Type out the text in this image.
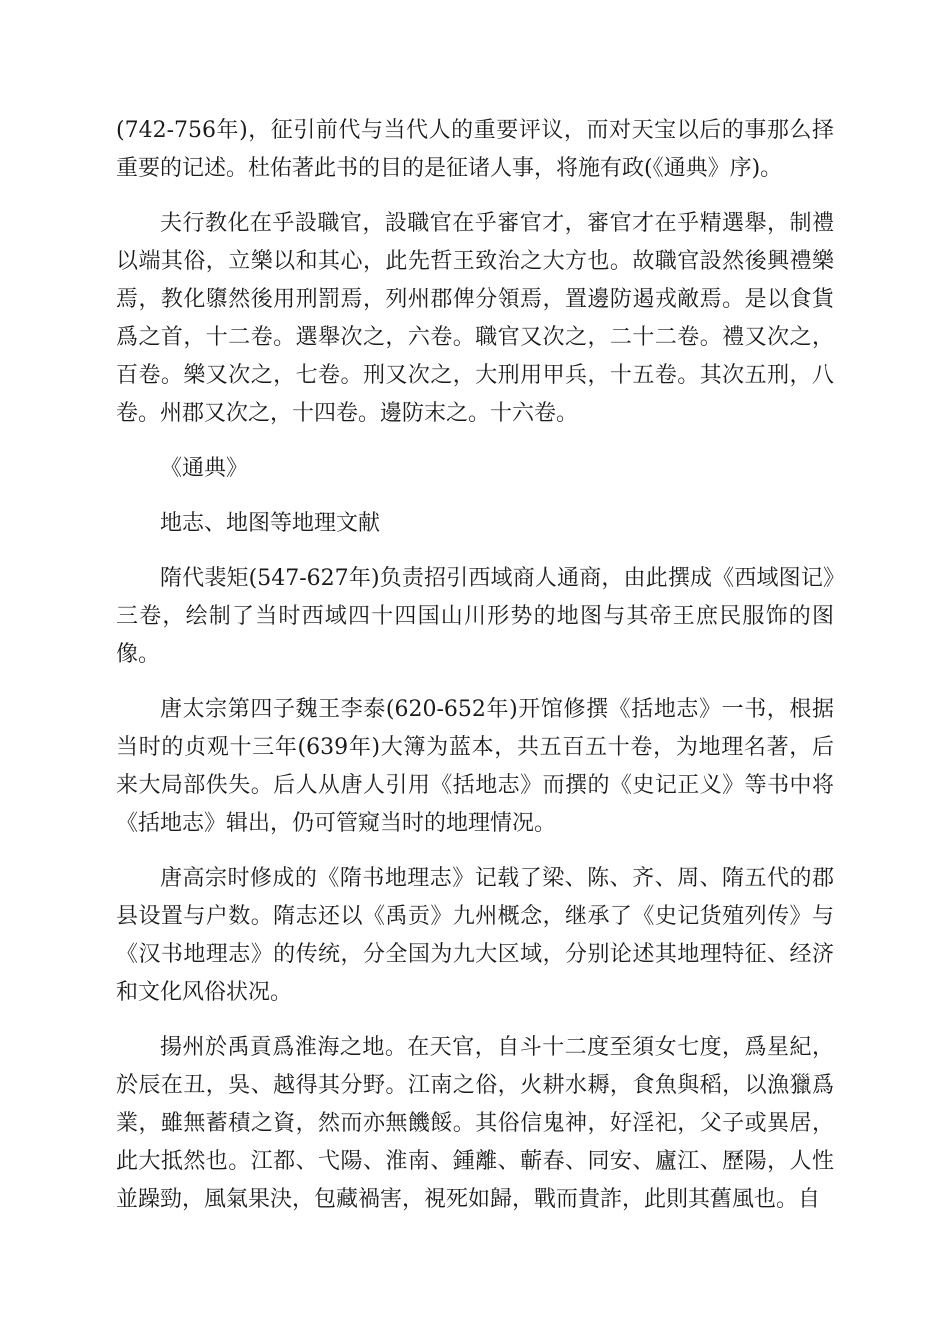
(742-756年)，征引前代与当代人的重要评议，而对天宝以后的事那么择重要的记述。杜佑著此书的目的是征诸人事，将施有政(《通典》序)。

夫行教化在乎設職官，設職官在乎審官才，審官才在乎精選舉，制禮以端其俗，立樂以和其心，此先哲王致治之大方也。故職官設然後興禮樂焉，教化隳然後用刑罰焉，列州郡俾分領焉，置邊防遏戎敵焉。是以食貨爲之首，十二卷。選舉次之，六卷。職官又次之，二十二卷。禮又次之，百卷。樂又次之，七卷。刑又次之，大刑用甲兵，十五卷。其次五刑，八卷。州郡又次之，十四卷。邊防末之。十六卷。

《通典》

地志、地图等地理文献

隋代裴矩(547-627年)负责招引西域商人通商，由此撰成《西域图记》三卷，绘制了当时西域四十四国山川形势的地图与其帝王庶民服饰的图像。

唐太宗第四子魏王李泰(620-652年)开馆修撰《括地志》一书，根据当时的贞观十三年(639年)大簿为蓝本，共五百五十卷，为地理名著，后来大局部佚失。后人从唐人引用《括地志》而撰的《史记正义》等书中将《括地志》辑出，仍可管窥当时的地理情况。

唐高宗时修成的《隋书地理志》记载了梁、陈、齐、周、隋五代的郡县设置与户数。隋志还以《禹贡》九州概念，继承了《史记货殖列传》与《汉书地理志》的传统，分全国为九大区域，分别论述其地理特征、经济和文化风俗状况。

揚州於禹貢爲淮海之地。在天官，自斗十二度至須女七度，爲星紀，於辰在丑，吳、越得其分野。江南之俗，火耕水耨，食魚與稻，以漁獵爲業，雖無蓄積之資，然而亦無饑餒。其俗信鬼神，好淫祀，父子或異居，此大抵然也。江都、弋陽、淮南、鍾離、蘄春、同安、廬江、歷陽，人性並躁勁，風氣果決，包藏禍害，視死如歸，戰而貴詐，此則其舊風也。自
